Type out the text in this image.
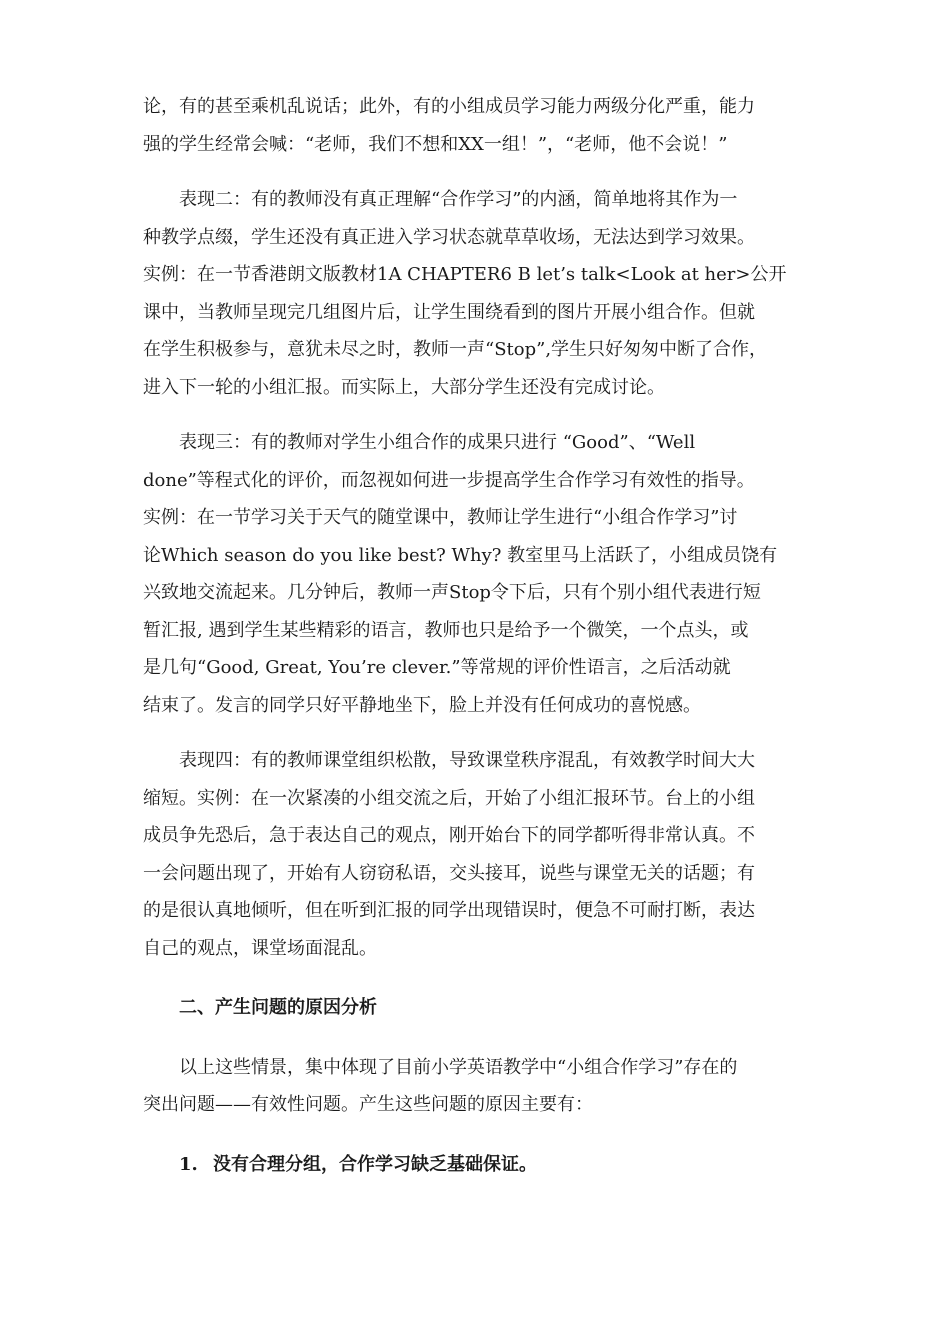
论，有的甚至乘机乱说话；此外，有的小组成员学习能力两级分化严重，能力
强的学生经常会喊：“老师，我们不想和XX一组！”，“老师，他不会说！”
　　表现二：有的教师没有真正理解“合作学习”的内涵，简单地将其作为一
种教学点缀，学生还没有真正进入学习状态就草草收场，无法达到学习效果。
实例：在一节香港朗文版教材1A CHAPTER6 B let’s talk<Look at her>公开
课中，当教师呈现完几组图片后，让学生围绕看到的图片开展小组合作。但就
在学生积极参与，意犹未尽之时，教师一声“Stop”,学生只好匆匆中断了合作，
进入下一轮的小组汇报。而实际上，大部分学生还没有完成讨论。
　　表现三：有的教师对学生小组合作的成果只进行 “Good”、“Well
done”等程式化的评价，而忽视如何进一步提高学生合作学习有效性的指导。
实例：在一节学习关于天气的随堂课中，教师让学生进行“小组合作学习”讨
论Which season do you like best? Why? 教室里马上活跃了，小组成员饶有
兴致地交流起来。几分钟后，教师一声Stop令下后，只有个别小组代表进行短
暂汇报, 遇到学生某些精彩的语言，教师也只是给予一个微笑，一个点头，或
是几句“Good, Great, You’re clever.”等常规的评价性语言，之后活动就
结束了。发言的同学只好平静地坐下，脸上并没有任何成功的喜悦感。
　　表现四：有的教师课堂组织松散，导致课堂秩序混乱，有效教学时间大大
缩短。实例：在一次紧凑的小组交流之后，开始了小组汇报环节。台上的小组
成员争先恐后，急于表达自己的观点，刚开始台下的同学都听得非常认真。不
一会问题出现了，开始有人窃窃私语，交头接耳，说些与课堂无关的话题；有
的是很认真地倾听，但在听到汇报的同学出现错误时，便急不可耐打断，表达
自己的观点，课堂场面混乱。
二、产生问题的原因分析
　　以上这些情景，集中体现了目前小学英语教学中“小组合作学习”存在的
突出问题——有效性问题。产生这些问题的原因主要有：
1. 没有合理分组，合作学习缺乏基础保证。
